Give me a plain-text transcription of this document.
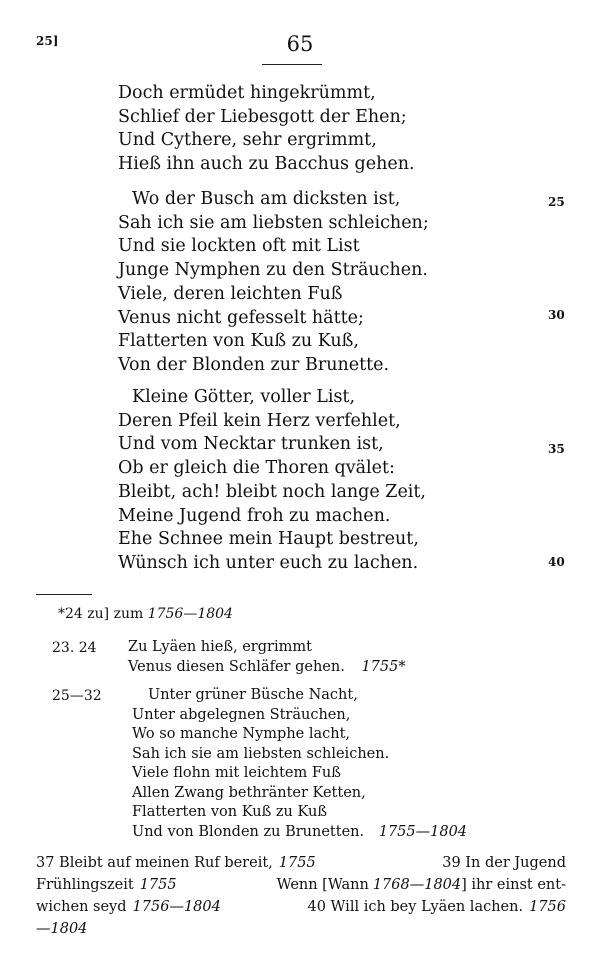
25]	65
Doch ermüdet hingekrümmt,
Schlief der Liebesgott der Ehen;
Und Cythere, sehr ergrimmt,
Hieß ihn auch zu Bacchus gehen.
Wo der Busch am dicksten ist,
Sah ich sie am liebsten schleichen;
Und sie lockten oft mit List
Junge Nymphen zu den Sträuchen.
Viele, deren leichten Fuß
Venus nicht gefesselt hätte;
Flatterten von Kuß zu Kuß,
Von der Blonden zur Brunette.
Kleine Götter, voller List,
Deren Pfeil kein Herz verfehlet,
Und vom Necktar trunken ist,
Ob er gleich die Thoren qvälet:
Bleibt, ach! bleibt noch lange Zeit,
Meine Jugend froh zu machen.
Ehe Schnee mein Haupt bestreut,
Wünsch ich unter euch zu lachen.
25
30
35
40
*24 zu] zum 1756—1804
23. 24 Zu Lyäen hieß, ergrimmt
Venus diesen Schläfer gehen. 1755*
25—32	Unter grüner Büsche Nacht,
Unter abgelegnen Sträuchen,
Wo so manche Nymphe lacht,
Sah ich sie am liebsten schleichen.
Viele flohn mit leichtem Fuß
Allen Zwang bethränter Ketten,
Flatterten von Kuß zu Kuß
Und von Blonden zu Brunetten. 1755—1804
37 Bleibt auf meinen Ruf bereit, 1755	39 In der Jugend
Frühlingszeit 1755	Wenn [Wann 1768—1804 ] ihr einst ent-
wichen seyd 1756—1804	40 Will ich bey Lyäen lachen. 1756
—1804
